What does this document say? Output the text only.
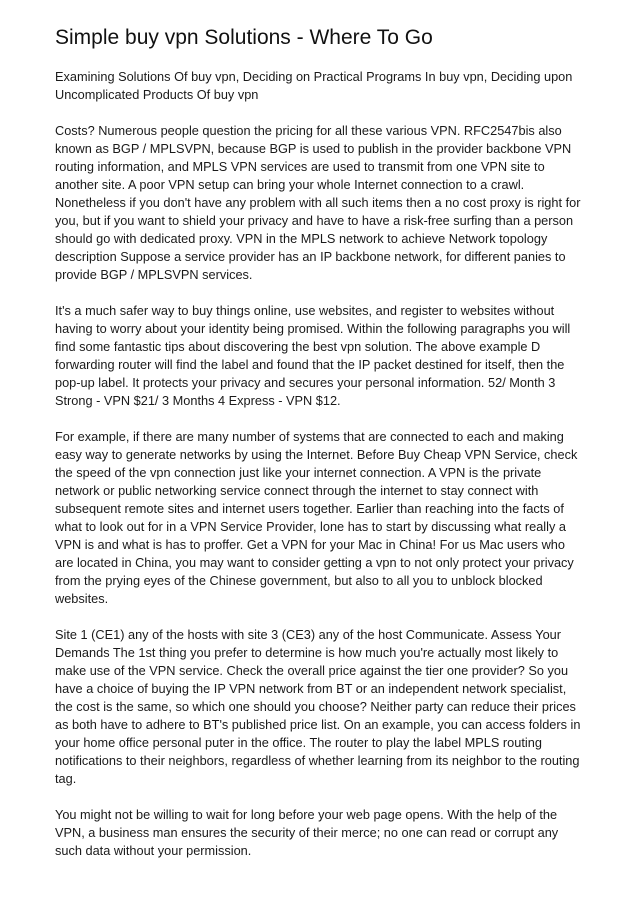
Simple buy vpn Solutions - Where To Go

Examining Solutions Of buy vpn, Deciding on Practical Programs In buy vpn, Deciding upon
Uncomplicated Products Of buy vpn

Costs? Numerous people question the pricing for all these various VPN. RFC2547bis also
known as BGP / MPLSVPN, because BGP is used to publish in the provider backbone VPN
routing information, and MPLS VPN services are used to transmit from one VPN site to
another site. A poor VPN setup can bring your whole Internet connection to a crawl.
Nonetheless if you don't have any problem with all such items then a no cost proxy is right for
you, but if you want to shield your privacy and have to have a risk-free surfing than a person
should go with dedicated proxy. VPN in the MPLS network to achieve Network topology
description Suppose a service provider has an IP backbone network, for different panies to
provide BGP / MPLSVPN services.

It's a much safer way to buy things online, use websites, and register to websites without
having to worry about your identity being promised. Within the following paragraphs you will
find some fantastic tips about discovering the best vpn solution. The above example D
forwarding router will find the label and found that the IP packet destined for itself, then the
pop-up label. It protects your privacy and secures your personal information. 52/ Month 3
Strong - VPN $21/ 3 Months 4 Express - VPN $12.

For example, if there are many number of systems that are connected to each and making
easy way to generate networks by using the Internet. Before Buy Cheap VPN Service, check
the speed of the vpn connection just like your internet connection. A VPN is the private
network or public networking service connect through the internet to stay connect with
subsequent remote sites and internet users together. Earlier than reaching into the facts of
what to look out for in a VPN Service Provider, lone has to start by discussing what really a
VPN is and what is has to proffer. Get a VPN for your Mac in China! For us Mac users who
are located in China, you may want to consider getting a vpn to not only protect your privacy
from the prying eyes of the Chinese government, but also to all you to unblock blocked
websites.

Site 1 (CE1) any of the hosts with site 3 (CE3) any of the host Communicate. Assess Your
Demands The 1st thing you prefer to determine is how much you're actually most likely to
make use of the VPN service. Check the overall price against the tier one provider? So you
have a choice of buying the IP VPN network from BT or an independent network specialist,
the cost is the same, so which one should you choose? Neither party can reduce their prices
as both have to adhere to BT's published price list. On an example, you can access folders in
your home office personal puter in the office. The router to play the label MPLS routing
notifications to their neighbors, regardless of whether learning from its neighbor to the routing
tag.

You might not be willing to wait for long before your web page opens. With the help of the
VPN, a business man ensures the security of their merce; no one can read or corrupt any
such data without your permission.
